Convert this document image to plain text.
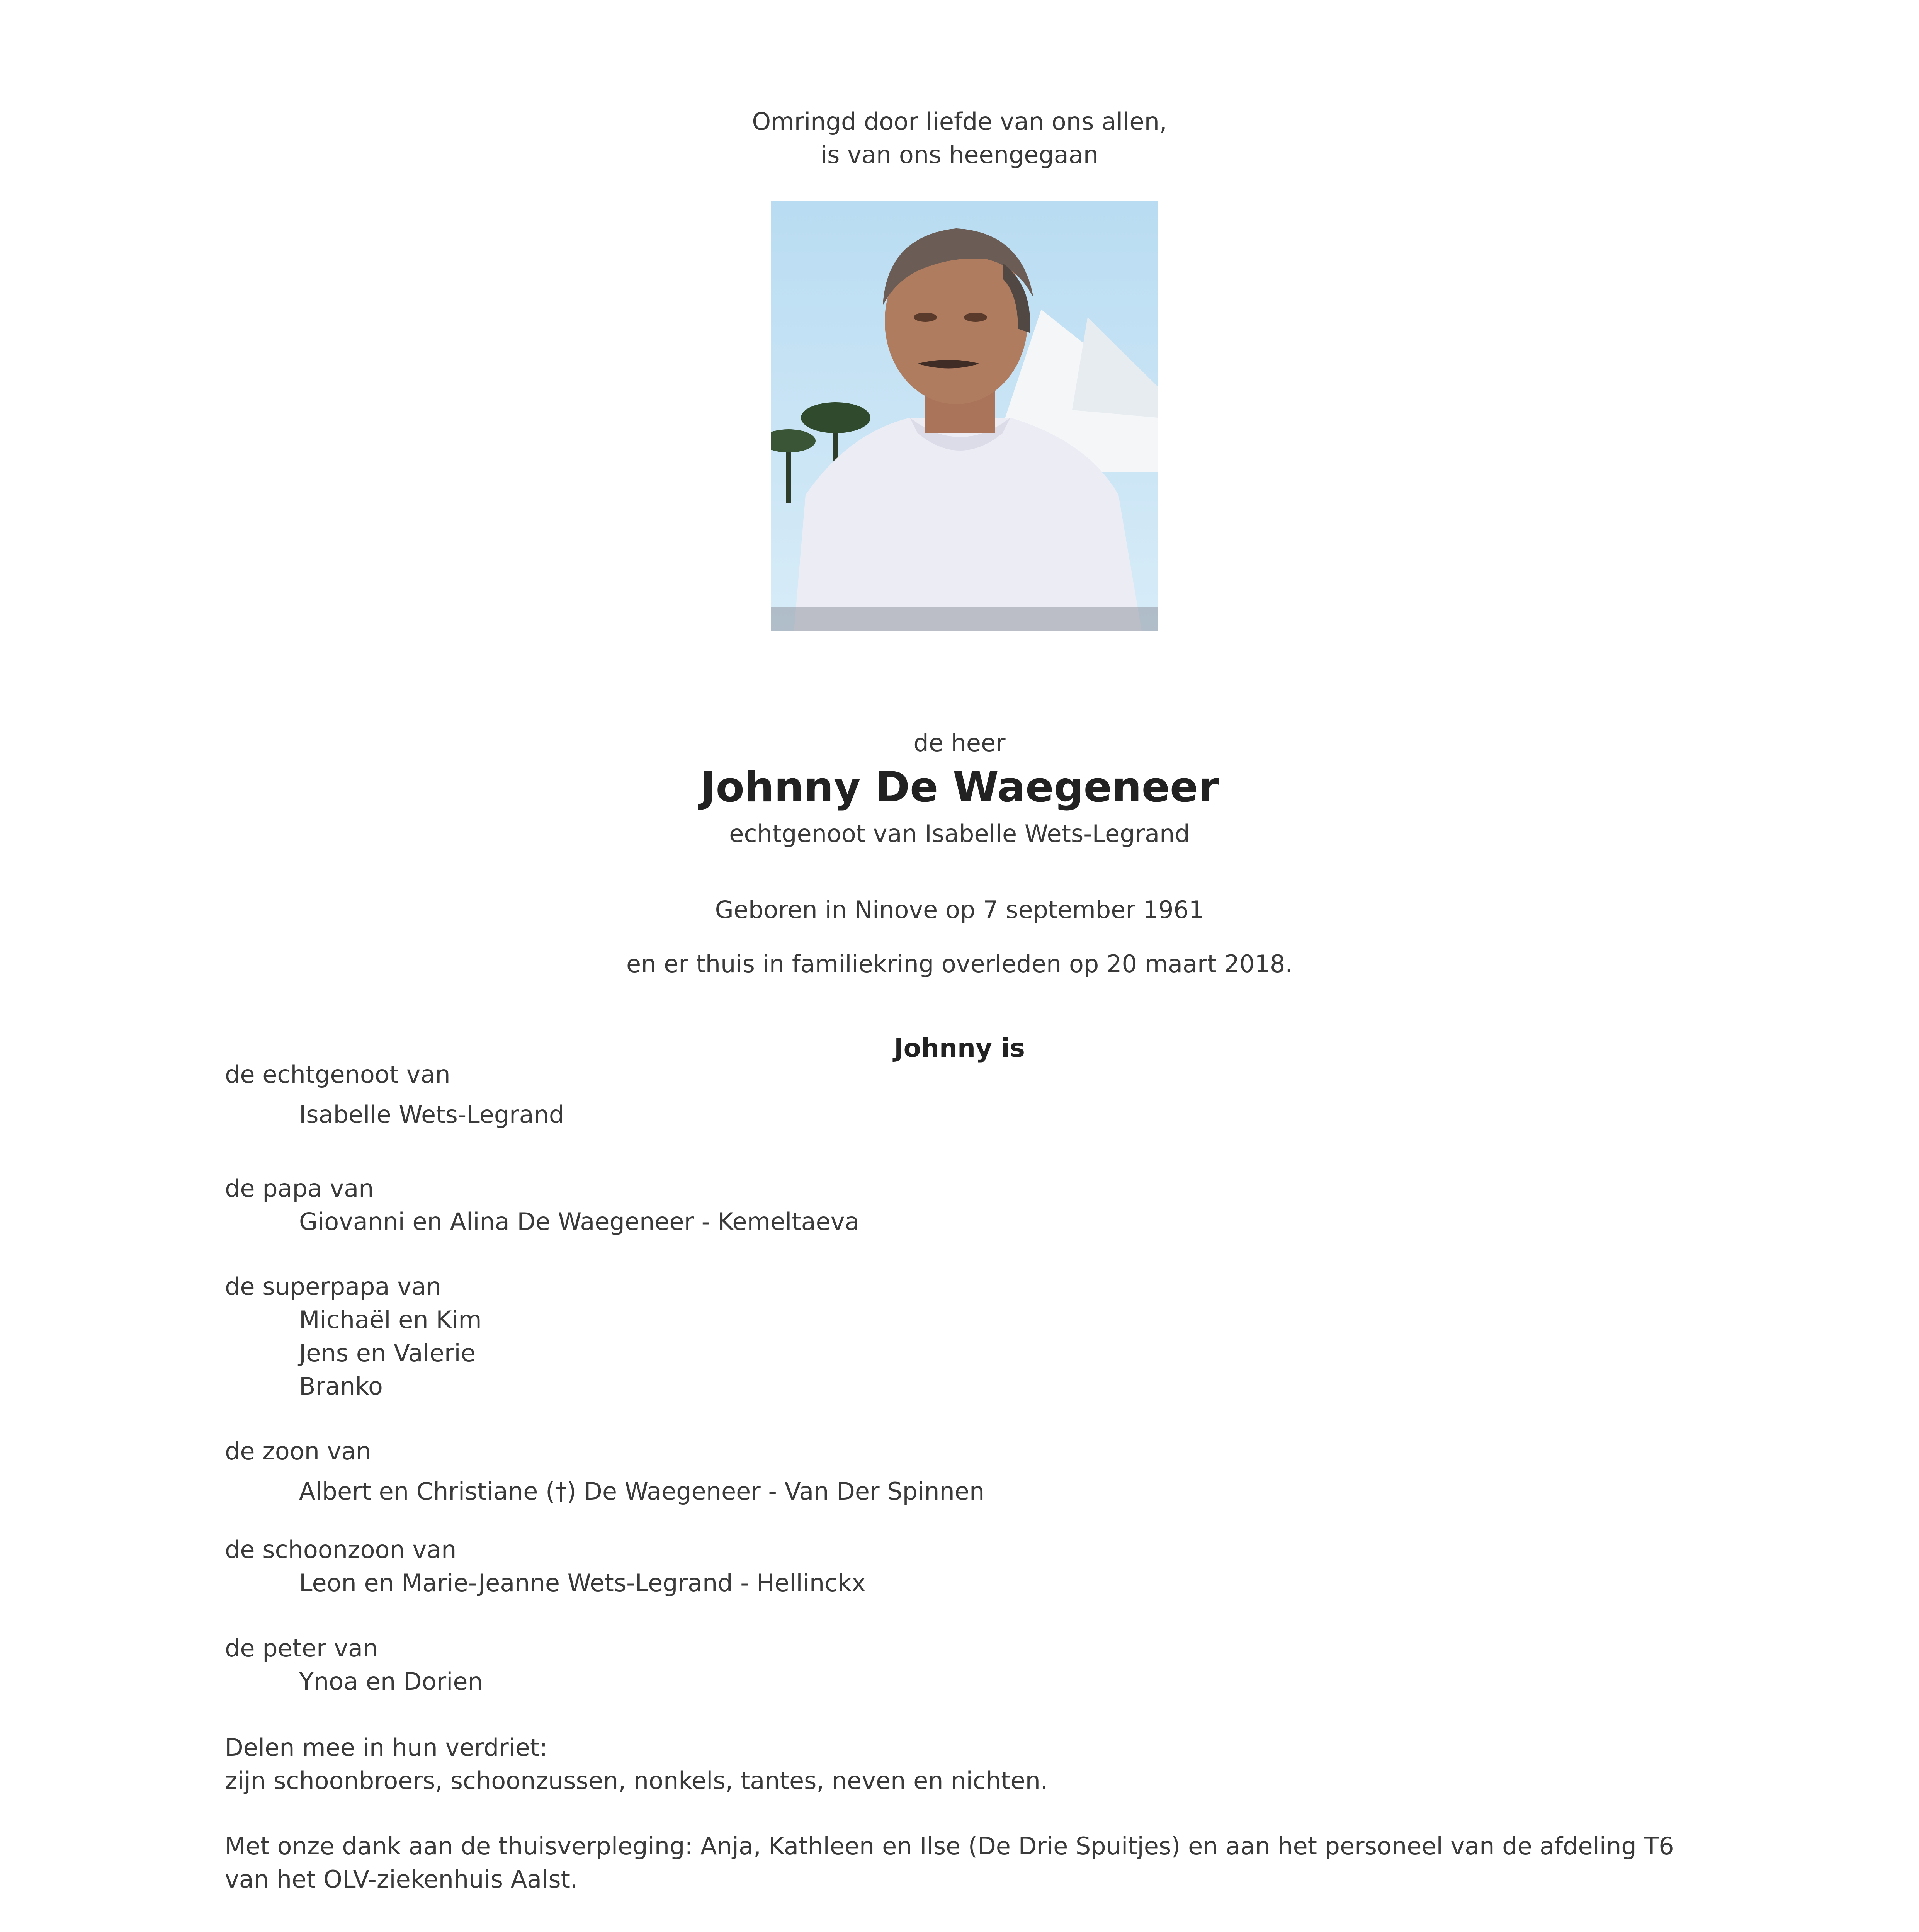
Omringd door liefde van ons allen,
is van ons heengegaan
de heer
Johnny De Waegeneer
echtgenoot van Isabelle Wets-Legrand
Geboren in Ninove op 7 september 1961
en er thuis in familiekring overleden op 20 maart 2018.
Johnny is
de echtgenoot van
Isabelle Wets-Legrand
de papa van
Giovanni en Alina De Waegeneer - Kemeltaeva
de superpapa van
Michaël en Kim
Jens en Valerie
Branko
de zoon van
Albert en Christiane (†) De Waegeneer - Van Der Spinnen
de schoonzoon van
Leon en Marie-Jeanne Wets-Legrand - Hellinckx
de peter van
Ynoa en Dorien
Delen mee in hun verdriet:
zijn schoonbroers, schoonzussen, nonkels, tantes, neven en nichten.
Met onze dank aan de thuisverpleging: Anja, Kathleen en Ilse (De Drie Spuitjes) en aan het personeel van de afdeling T6
van het OLV-ziekenhuis Aalst.
